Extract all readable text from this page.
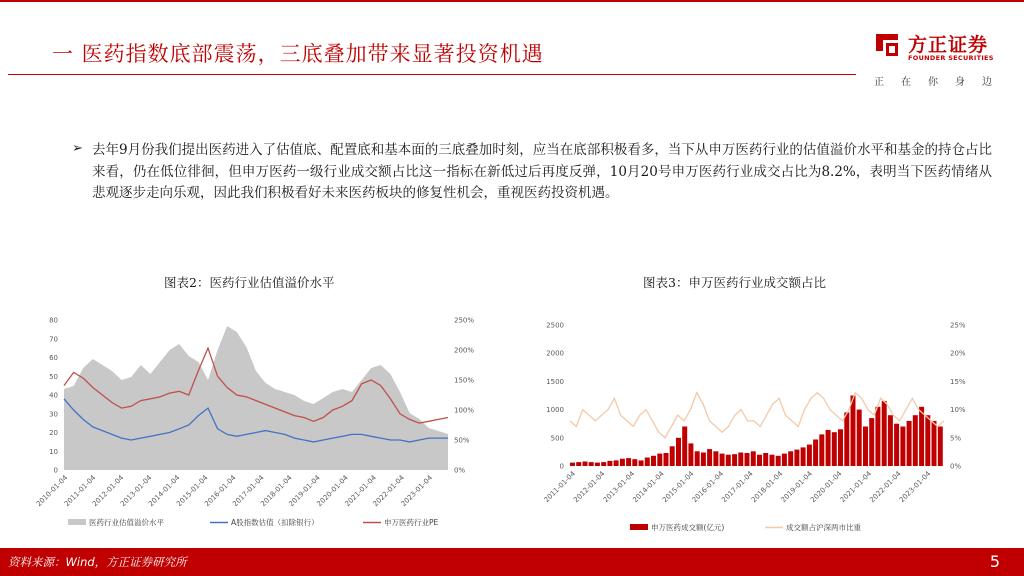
一 医药指数底部震荡，三底叠加带来显著投资机遇	方正证券
FOUNDER SECURITIES
正 在 你 身 边
➢ 去年9月份我们提出医药进入了估值底、配置底和基本面的三底叠加时刻，应当在底部积极看多，当下从申万医药行业的估值溢价水平和基金的持仓占比来看，仍在低位徘徊，但申万医药一级行业成交额占比这一指标在新低过后再度反弹，10月20号申万医药行业成交占比为8.2%，表明当下医药情绪从悲观逐步走向乐观，因此我们积极看好未来医药板块的修复性机会，重视医药投资机遇。
图表2：医药行业估值溢价水平	图表3：申万医药行业成交额占比
0
10
20
30
40
50
60
70
80
0%
50%
100%
150%
200%
250%
2010-01-04
2011-01-04
2012-01-04
2013-01-04
2014-01-04
2015-01-04
2016-01-04
2017-01-04
2018-01-04
2019-01-04
2020-01-04
2021-01-04
2022-01-04
2023-01-04
医药行业估值溢价水平	A股指数估值（扣除银行）	申万医药行业PE
0
500
1000
1500
2000
2500
0%
5%
10%
15%
20%
25%
2011-01-04
2012-01-04
2013-01-04
2014-01-04
2015-01-04
2016-01-04
2017-01-04
2018-01-04
2019-01-04
2020-01-04
2021-01-04
2022-01-04
2023-01-04
申万医药成交额(亿元)	成交额占沪深两市比重
资料来源：Wind，方正证券研究所	5
